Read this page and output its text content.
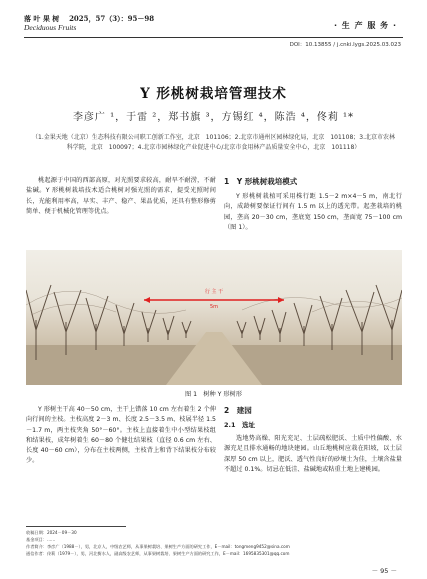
落 叶 果 树 2025，57（3）：95－98
Deciduous Fruits	· 生 产 服 务 ·
DOI：10.13855 / j.cnki.lygs.2025.03.023
Y 形桃树栽培管理技术
李彦广 ¹，于雷 ²，郑书旗 ³，方锡红 ⁴，陈浩 ⁴，佟莉 ¹*
（1.金果天地（北京）生态科技有限公司职工创新工作室，北京　101106；2.北京市通州区园林绿化局，北京　101108；3.北京市农林科学院，北京　100097；4.北京市园林绿化产业促进中心/北京市食用林产品质量安全中心，北京　101118）
桃起源于中国的西部高原，对光照要求较高，耐旱不耐涝，不耐盐碱。Y 形桃树栽培技术适合桃树对强光照的需求，提受光照时间长，光能利用率高，早实、丰产、稳产、果品优质，还具有整形修剪简单、便于机械化管理等优点。
1　Y 形桃树栽培模式
Y 形桃树栽植可采用株行距 1.5－2 m×4－5 m，南北行向，成龄树要保证行间有 1.5 m 以上的透光带。起垄栽培的桃园，垄高 20－30 cm，垄底宽 150 cm，垄面宽 75－100 cm（图 1）。
行 主 干
5m
图 1　树种 Y 形树形
Y 形树主干高 40－50 cm，主干上错落 10 cm 左右着生 2 个伸向行间的主枝。主枝高度 2－3 m、长度 2.5－3.5 m、枝展半径 1.5－1.7 m，两主枝夹角 50°－60°。主枝上直接着生中小型结果枝组和结果枝，成年树着生 60－80 个健壮结果枝（直径 0.6 cm 左右、长度 40－60 cm），分布在主枝两侧，主枝背上和背下结果枝分布较少。
2　建园
2.1　选址
选地势高燥、阳光充足、土层疏松肥沃、土质中性偏酸、水源充足且排水通畅的地块建园。山丘地桃树应栽在阳坡，以土层深厚 50 cm 以上，肥沃、透气性良好的砂壤土为佳，土壤含盐量不超过 0.1%。切忌在低洼、盐碱地或粘重土地上建桃园。
收稿日期：2024－09－30
基金项目：……
作者简介：李彦广（1988－），男，北京人，中级农艺师，从事果树栽培、果树生产方面的研究工作，E－mail：tongmeng9452@sina.com
通信作者：佟莉（1979－），男，河北衡水人，副高级农艺师，从事果树栽培、果树生产方面的研究工作，E－mail：1695835301@qq.com
－ 95 －
